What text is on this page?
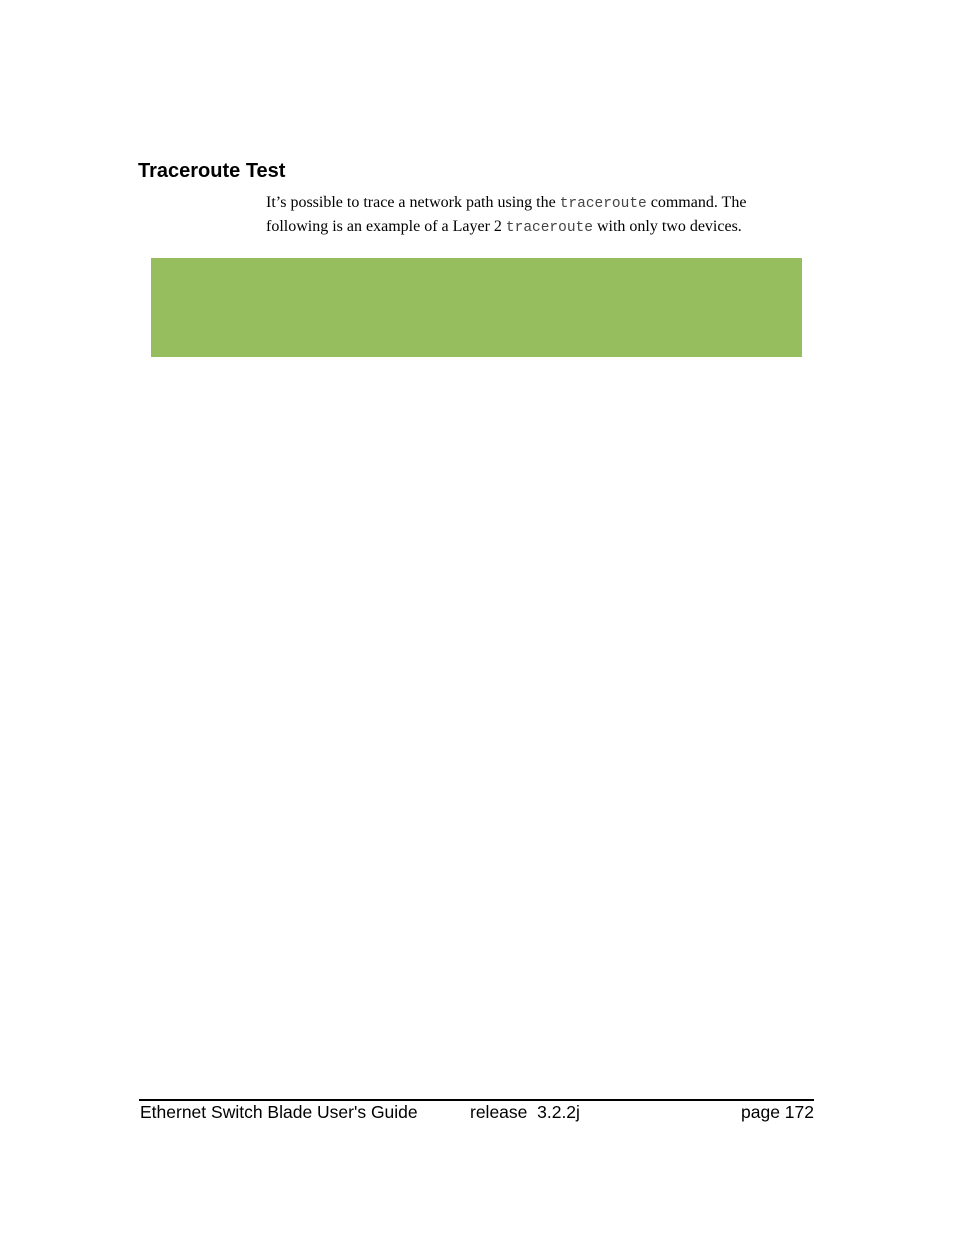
Traceroute Test

It’s possible to trace a network path using the traceroute command. The
following is an example of a Layer 2 traceroute with only two devices.

Ethernet Switch Blade User's Guide	release  3.2.2j	page 172
